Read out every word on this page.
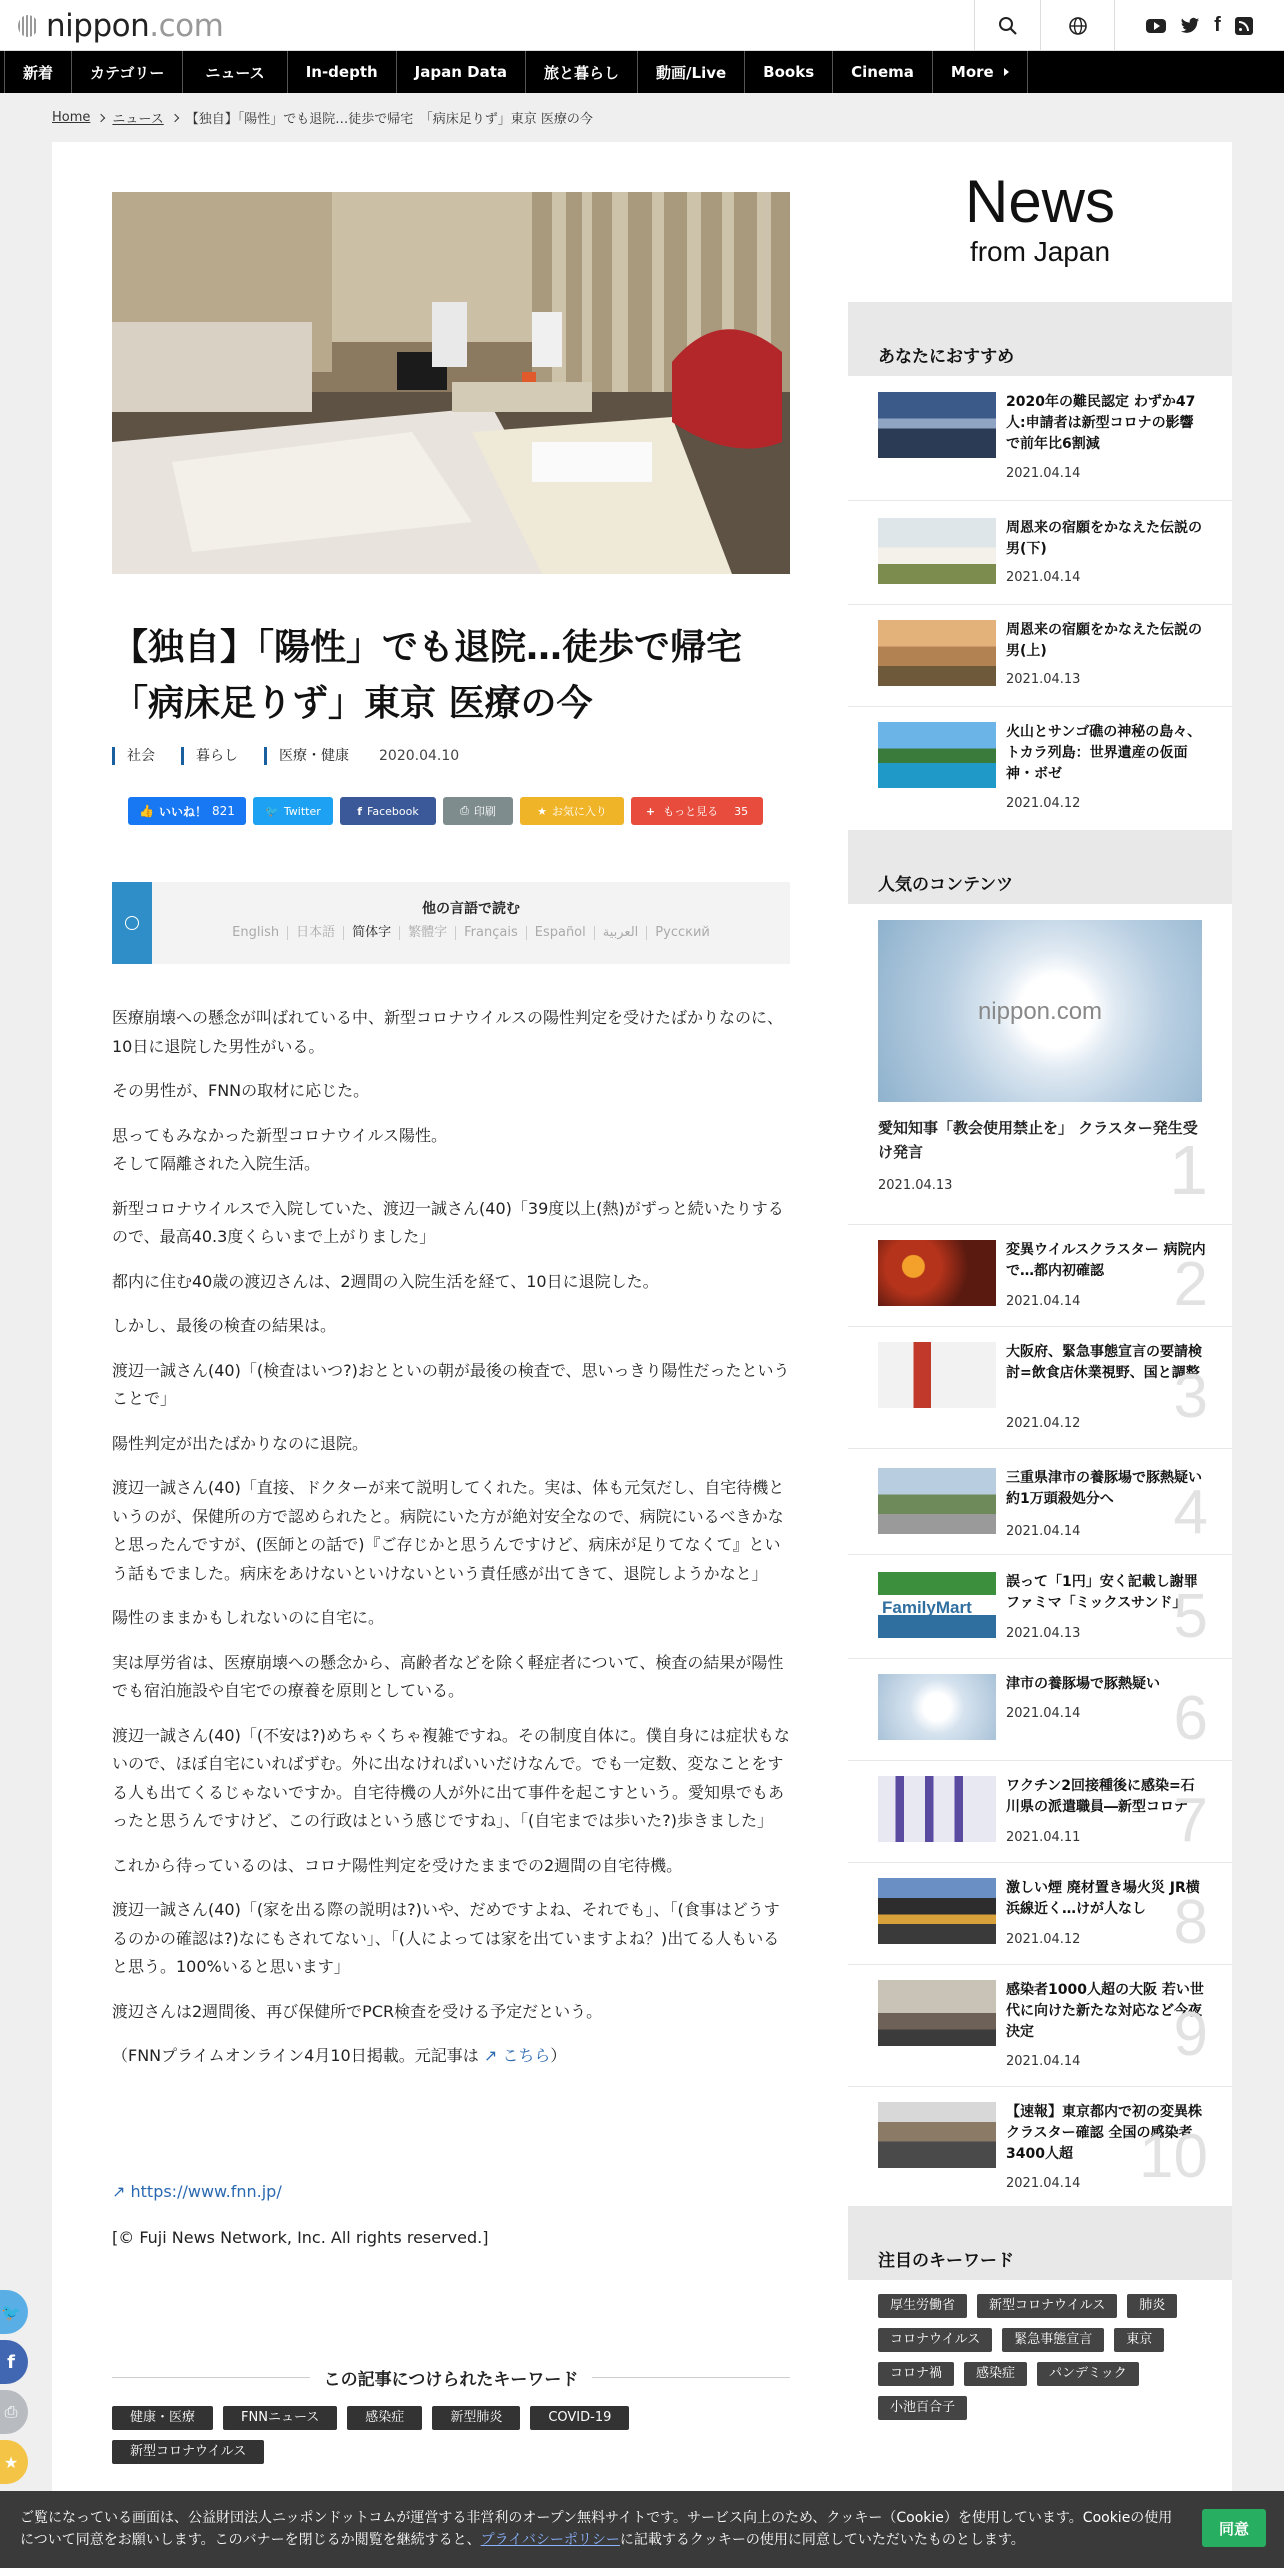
nippon .com	f
新着	カテゴリー	ニュース	In-depth	Japan Data	旅と暮らし	動画/Live	Books	Cinema	More
Home ニュース 【独自】「陽性」でも退院…徒歩で帰宅　「病床足りず」東京 医療の今
【独自】「陽性」でも退院…徒歩で帰宅　「病床足りず」東京 医療の今
社会	暮らし	医療・健康	2020.04.10
👍 いいね！ 821	🐦 Twitter	f Facebook	⎙ 印刷	★ お気に入り	+ もっと見る 35
他の言語で読む
English	日本語	简体字	繁體字	Français	Español	العربية	Русский

医療崩壊への懸念が叫ばれている中、新型コロナウイルスの陽性判定を受けたばかりなのに、10日に退院した男性がいる。

その男性が、FNNの取材に応じた。

思ってもみなかった新型コロナウイルス陽性。
そして隔離された入院生活。

新型コロナウイルスで入院していた、渡辺一誠さん(40)「39度以上(熱)がずっと続いたりするので、最高40.3度くらいまで上がりました」

都内に住む40歳の渡辺さんは、2週間の入院生活を経て、10日に退院した。

しかし、最後の検査の結果は。

渡辺一誠さん(40)「(検査はいつ?)おとといの朝が最後の検査で、思いっきり陽性だったということで」

陽性判定が出たばかりなのに退院。

渡辺一誠さん(40)「直接、ドクターが来て説明してくれた。実は、体も元気だし、自宅待機というのが、保健所の方で認められたと。病院にいた方が絶対安全なので、病院にいるべきかなと思ったんですが、(医師との話で)『ご存じかと思うんですけど、病床が足りてなくて』という話もでました。病床をあけないといけないという責任感が出てきて、退院しようかなと」

陽性のままかもしれないのに自宅に。

実は厚労省は、医療崩壊への懸念から、高齢者などを除く軽症者について、検査の結果が陽性でも宿泊施設や自宅での療養を原則としている。

渡辺一誠さん(40)「(不安は?)めちゃくちゃ複雑ですね。その制度自体に。僕自身には症状もないので、ほぼ自宅にいればずむ。外に出なければいいだけなんで。でも一定数、変なことをする人も出てくるじゃないですか。自宅待機の人が外に出て事件を起こすという。愛知県でもあったと思うんですけど、この行政はという感じですね」、「(自宅までは歩いた?)歩きました」

これから待っているのは、コロナ陽性判定を受けたままでの2週間の自宅待機。

渡辺一誠さん(40)「(家を出る際の説明は?)いや、だめですよね、それでも」、「(食事はどうするのかの確認は?)なにもされてない」、「(人によっては家を出ていますよね？)出てる人もいると思う。100%いると思います」

渡辺さんは2週間後、再び保健所でPCR検査を受ける予定だという。

（FNNプライムオンライン4月10日掲載。元記事は ↗ こちら）

↗ https://www.fnn.jp/
[© Fuji News Network, Inc. All rights reserved.]
この記事につけられたキーワード
健康・医療	FNNニュース	感染症	新型肺炎	COVID-19
新型コロナウイルス
News
from Japan
あなたにおすすめ
2020年の難民認定 わずか47人:申請者は新型コロナの影響で前年比6割減
2021.04.14
周恩来の宿願をかなえた伝説の男(下)
2021.04.14
周恩来の宿願をかなえた伝説の男(上)
2021.04.13
火山とサンゴ礁の神秘の島々、トカラ列島：世界遺産の仮面神・ボゼ
2021.04.12
人気のコンテンツ
nippon.com
愛知知事「教会使用禁止を」 クラスター発生受け発言
2021.04.13	1
変異ウイルスクラスター 病院内で…都内初確認
2021.04.14 2
大阪府、緊急事態宣言の要請検討=飲食店休業視野、国と調整
2021.04.12 3
三重県津市の養豚場で豚熱疑い 約1万頭殺処分へ
2021.04.14 4
FamilyMart
誤って「1円」安く記載し謝罪 ファミマ「ミックスサンド」
2021.04.13 5
津市の養豚場で豚熱疑い
2021.04.14 6
ワクチン2回接種後に感染=石川県の派遣職員―新型コロナ
2021.04.11 7
激しい煙 廃材置き場火災 JR横浜線近く…けが人なし
2021.04.12 8
感染者1000人超の大阪 若い世代に向けた新たな対応など今夜決定
2021.04.14 9
【速報】東京都内で初の変異株クラスター確認 全国の感染者3400人超
2021.04.14 10
注目のキーワード
厚生労働省	新型コロナウイルス	肺炎
コロナウイルス	緊急事態宣言	東京
コロナ禍	感染症	パンデミック
小池百合子
🐦
f
⎙
★
ご覧になっている画面は、公益財団法人ニッポンドットコムが運営する非営利のオープン無料サイトです。サービス向上のため、クッキー（Cookie）を使用しています。Cookieの使用について同意をお願いします。このバナーを閉じるか閲覧を継続すると、プライバシーポリシーに記載するクッキーの使用に同意していただいたものとします。
同意
